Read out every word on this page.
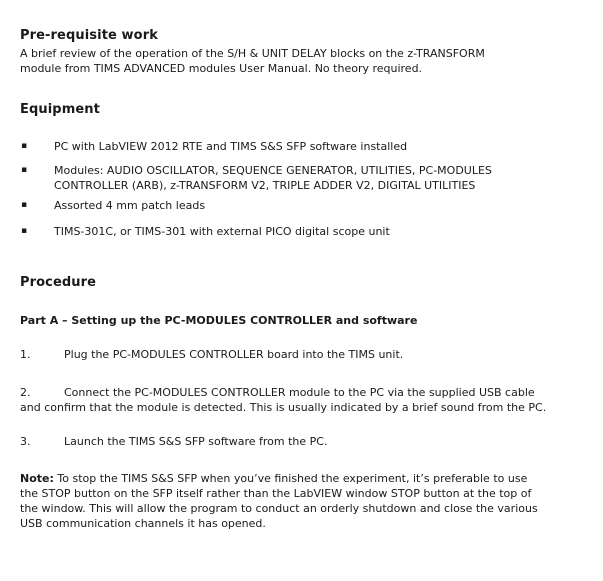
Pre-requisite work
A brief review of the operation of the S/H & UNIT DELAY blocks on the z-TRANSFORM
module from TIMS ADVANCED modules User Manual. No theory required.
Equipment
▪ PC with LabVIEW 2012 RTE and TIMS S&S SFP software installed
▪ Modules: AUDIO OSCILLATOR, SEQUENCE GENERATOR, UTILITIES, PC-MODULES
CONTROLLER (ARB), z-TRANSFORM V2, TRIPLE ADDER V2, DIGITAL UTILITIES
▪ Assorted 4 mm patch leads
▪ TIMS-301C, or TIMS-301 with external PICO digital scope unit
Procedure
Part A – Setting up the PC-MODULES CONTROLLER and software
1.	Plug the PC-MODULES CONTROLLER board into the TIMS unit.
2.	Connect the PC-MODULES CONTROLLER module to the PC via the supplied USB cable
and confirm that the module is detected. This is usually indicated by a brief sound from the PC.
3.	Launch the TIMS S&S SFP software from the PC.
Note: To stop the TIMS S&S SFP when you’ve finished the experiment, it’s preferable to use
the STOP button on the SFP itself rather than the LabVIEW window STOP button at the top of
the window. This will allow the program to conduct an orderly shutdown and close the various
USB communication channels it has opened.
